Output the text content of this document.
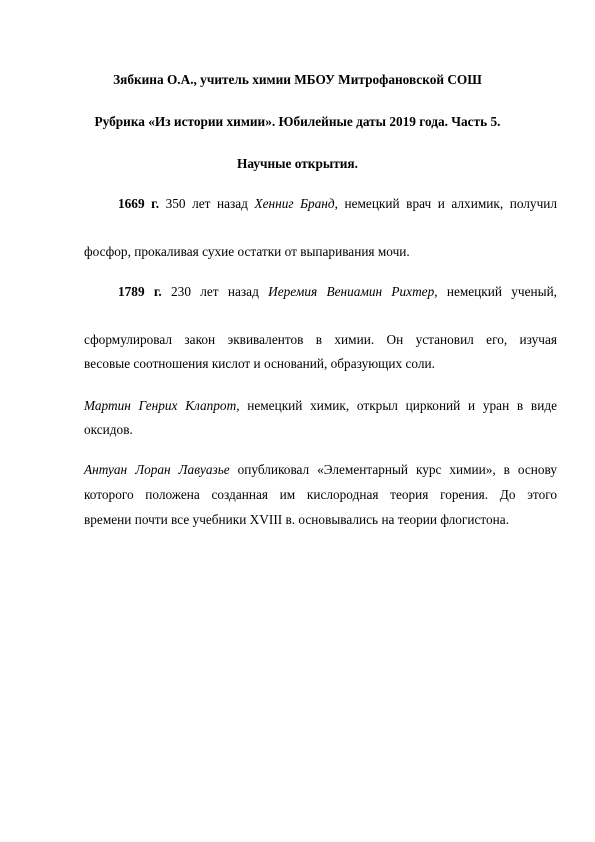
Зябкина О.А., учитель химии МБОУ Митрофановской СОШ
Рубрика «Из истории химии». Юбилейные даты 2019 года. Часть 5.
Научные открытия.
1669 г. 350 лет назад Хенниг Бранд, немецкий врач и алхимик, получил
фосфор, прокаливая сухие остатки от выпаривания мочи.
1789 г. 230 лет назад Иеремия Вениамин Рихтер, немецкий ученый,
сформулировал закон эквивалентов в химии. Он установил его, изучая
весовые соотношения кислот и оснований, образующих соли.
Мартин Генрих Клапрот, немецкий химик, открыл цирконий и уран в виде
оксидов.
Антуан Лоран Лавуазье опубликовал «Элементарный курс химии», в основу
которого положена созданная им кислородная теория горения. До этого
времени почти все учебники XVIII в. основывались на теории флогистона.
